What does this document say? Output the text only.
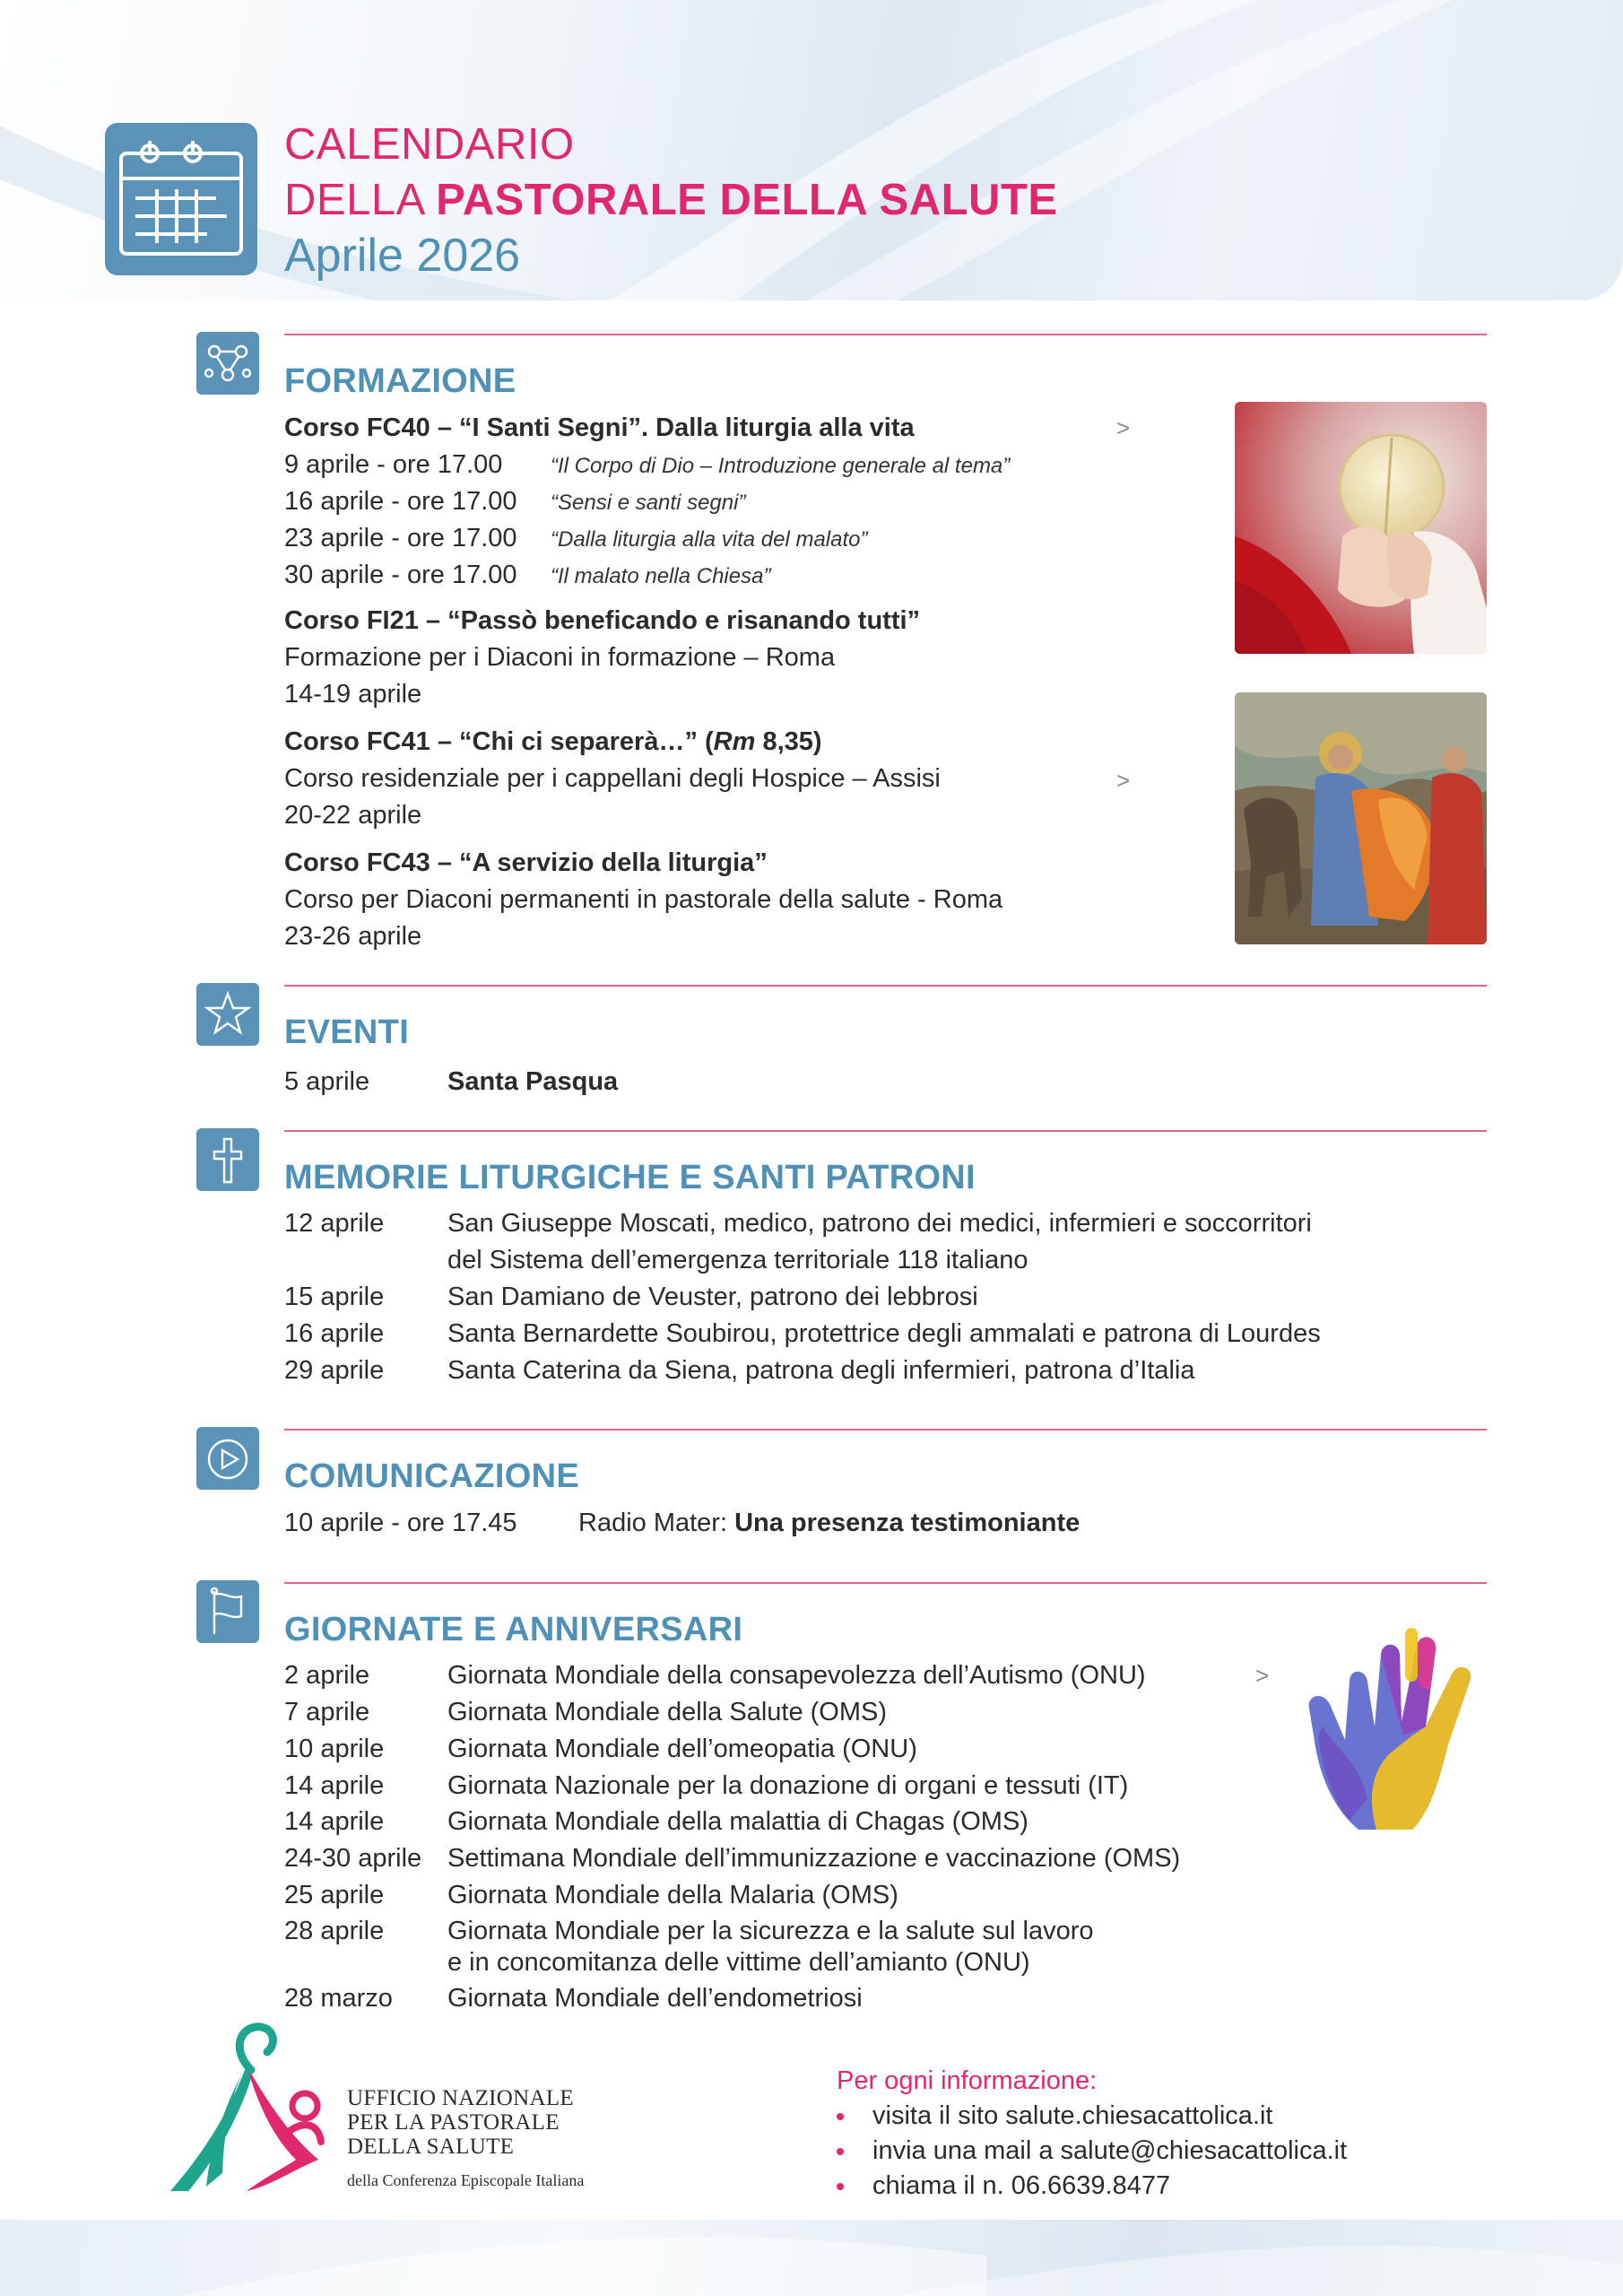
CALENDARIO
DELLA PASTORALE DELLA SALUTE
Aprile 2026
FORMAZIONE
Corso FC40 – “I Santi Segni”. Dalla liturgia alla vita	>
9 aprile - ore 17.00 “Il Corpo di Dio – Introduzione generale al tema”
16 aprile - ore 17.00 “Sensi e santi segni”
23 aprile - ore 17.00 “Dalla liturgia alla vita del malato”
30 aprile - ore 17.00 “Il malato nella Chiesa”
Corso FI21 – “Passò beneficando e risanando tutti”
Formazione per i Diaconi in formazione – Roma
14-19 aprile
Corso FC41 – “Chi ci separerà…” (Rm 8,35)
Corso residenziale per i cappellani degli Hospice – Assisi	>
20-22 aprile
Corso FC43 – “A servizio della liturgia”
Corso per Diaconi permanenti in pastorale della salute - Roma
23-26 aprile
EVENTI
5 aprile	Santa Pasqua
MEMORIE LITURGICHE E SANTI PATRONI
12 aprile San Giuseppe Moscati, medico, patrono dei medici, infermieri e soccorritori
del Sistema dell’emergenza territoriale 118 italiano
15 aprile San Damiano de Veuster, patrono dei lebbrosi
16 aprile Santa Bernardette Soubirou, protettrice degli ammalati e patrona di Lourdes
29 aprile Santa Caterina da Siena, patrona degli infermieri, patrona d’Italia
COMUNICAZIONE
10 aprile - ore 17.45 Radio Mater: Una presenza testimoniante
GIORNATE E ANNIVERSARI
2 aprile	Giornata Mondiale della consapevolezza dell’Autismo (ONU)	>
7 aprile	Giornata Mondiale della Salute (OMS)
10 aprile Giornata Mondiale dell’omeopatia (ONU)
14 aprile Giornata Nazionale per la donazione di organi e tessuti (IT)
14 aprile Giornata Mondiale della malattia di Chagas (OMS)
24-30 aprile Settimana Mondiale dell’immunizzazione e vaccinazione (OMS)
25 aprile Giornata Mondiale della Malaria (OMS)
28 aprile Giornata Mondiale per la sicurezza e la salute sul lavoro
e in concomitanza delle vittime dell’amianto (ONU)
28 marzo Giornata Mondiale dell’endometriosi
UFFICIO NAZIONALE
PER LA PASTORALE
DELLA SALUTE
della Conferenza Episcopale Italiana
Per ogni informazione:
visita il sito salute.chiesacattolica.it
invia una mail a salute@chiesacattolica.it
chiama il n. 06.6639.8477
